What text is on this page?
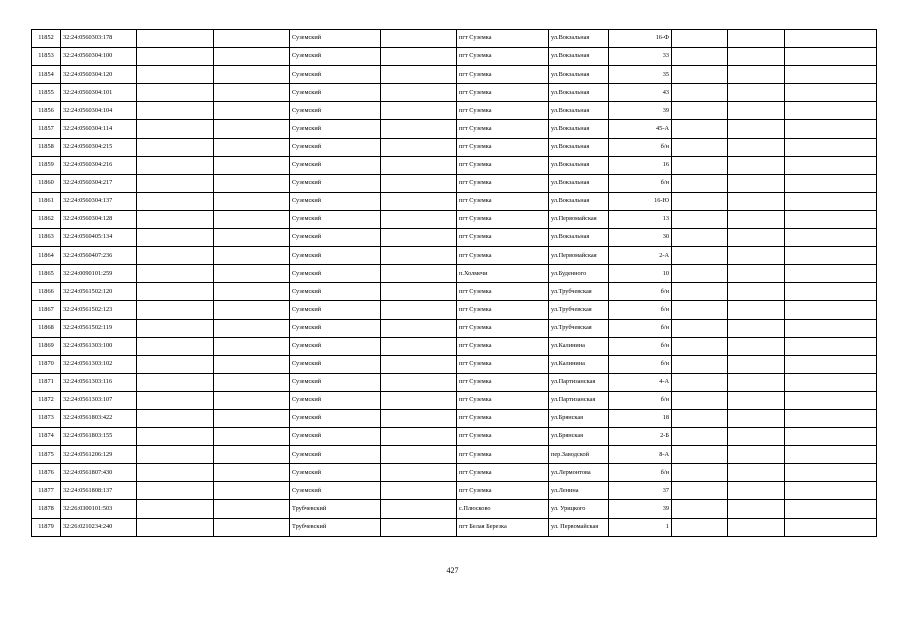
11852	32:24:0560303:178			Суземский		пгт Суземка	ул.Вокзальная	16-Ф			
11853	32:24:0560304:100			Суземский		пгт Суземка	ул.Вокзальная	33			
11854	32:24:0560304:120			Суземский		пгт Суземка	ул.Вокзальная	35			
11855	32:24:0560304:101			Суземский		пгт Суземка	ул.Вокзальная	43			
11856	32:24:0560304:104			Суземский		пгт Суземка	ул.Вокзальная	39			
11857	32:24:0560304:114			Суземский		пгт Суземка	ул.Вокзальная	45-А			
11858	32:24:0560304:215			Суземский		пгт Суземка	ул.Вокзальная	б/н			
11859	32:24:0560304:216			Суземский		пгт Суземка	ул.Вокзальная	16			
11860	32:24:0560304:217			Суземский		пгт Суземка	ул.Вокзальная	б/н			
11861	32:24:0560304:137			Суземский		пгт Суземка	ул.Вокзальная	16-Ю			
11862	32:24:0560304:128			Суземский		пгт Суземка	ул.Первомайская	13			
11863	32:24:0560405:134			Суземский		пгт Суземка	ул.Вокзальная	30			
11864	32:24:0560407:236			Суземский		пгт Суземка	ул.Первомайская	2-А			
11865	32:24:0090101:259			Суземский		п.Холмечи	ул.Буденного	10			
11866	32:24:0561502:120			Суземский		пгт Суземка	ул.Трубчевская	б/н			
11867	32:24:0561502:123			Суземский		пгт Суземка	ул.Трубчевская	б/н			
11868	32:24:0561502:119			Суземский		пгт Суземка	ул.Трубчевская	б/н			
11869	32:24:0561303:100			Суземский		пгт Суземка	ул.Калинина	б/н			
11870	32:24:0561303:102			Суземский		пгт Суземка	ул.Калинина	б/н			
11871	32:24:0561303:116			Суземский		пгт Суземка	ул.Партизанская	4-А			
11872	32:24:0561303:107			Суземский		пгт Суземка	ул.Партизанская	б/н			
11873	32:24:0561803:422			Суземский		пгт Суземка	ул.Брянская	18			
11874	32:24:0561803:155			Суземский		пгт Суземка	ул.Брянская	2-Б			
11875	32:24:0561206:129			Суземский		пгт Суземка	пер.Заводской	8-А			
11876	32:24:0561807:430			Суземский		пгт Суземка	ул.Лермонтова	б/н			
11877	32:24:0561808:137			Суземский		пгт Суземка	ул.Ленина	37			
11878	32:26:0300101:503			Трубчевский		с.Плюсково	ул. Урицкого	39			
11879	32:26:0210234:240			Трубчевский		пгт Белая Березка	ул. Первомайская	1			
427
